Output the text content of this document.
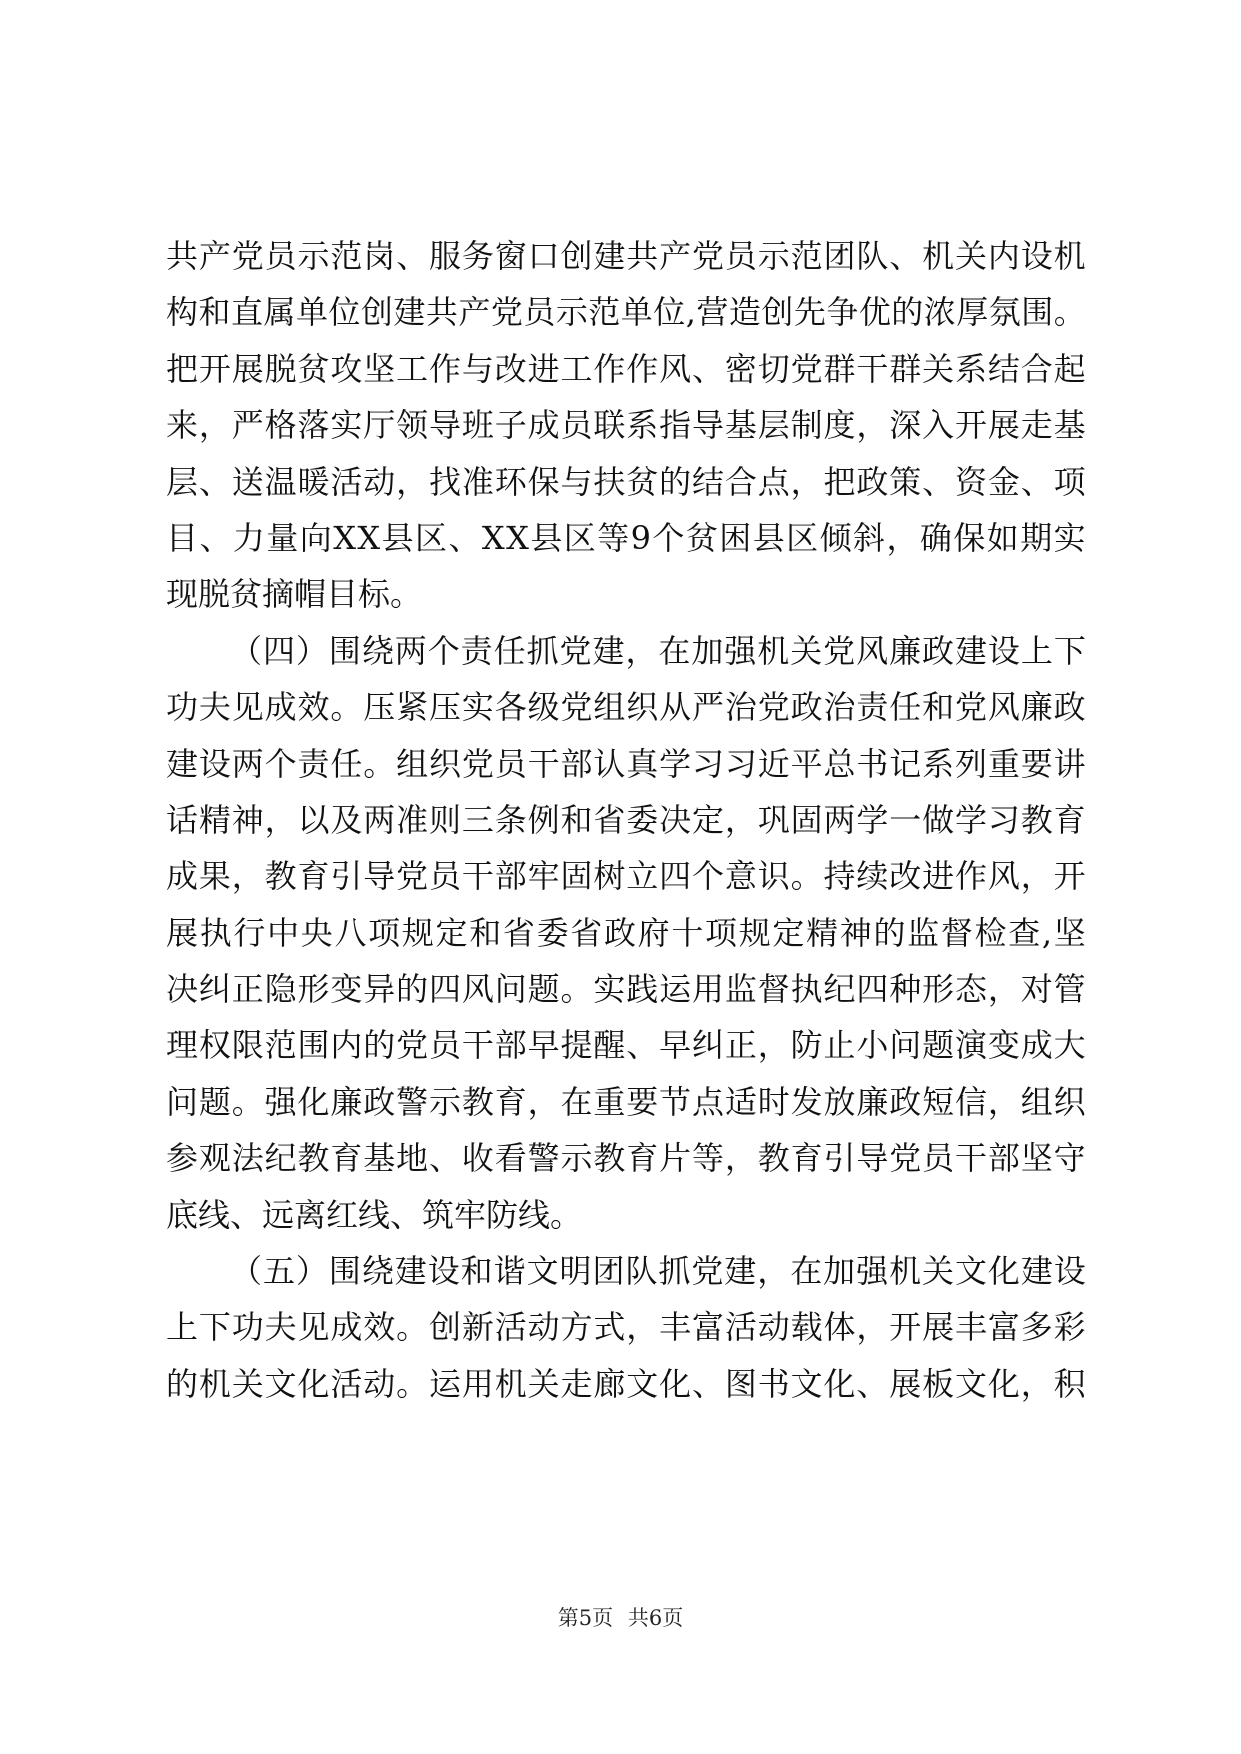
共 产 党 员 示 范 岗 、 服 务 窗 口 创 建 共 产 党 员 示 范 团 队 、 机 关 内 设 机
构 和 直 属 单 位 创 建 共 产 党 员 示 范 单 位 , 营 造 创 先 争 优 的 浓 厚 氛 围 。
把 开 展 脱 贫 攻 坚 工 作 与 改 进 工 作 作 风 、 密 切 党 群 干 群 关 系 结 合 起
来 ， 严 格 落 实 厅 领 导 班 子 成 员 联 系 指 导 基 层 制 度 ， 深 入 开 展 走 基
层 、 送 温 暖 活 动 ， 找 准 环 保 与 扶 贫 的 结 合 点 ， 把 政 策 、 资 金 、 项
目 、 力 量 向 X X 县 区 、 X X 县 区 等 9 个 贫 困 县 区 倾 斜 ， 确 保 如 期 实
现脱贫摘帽目标。
（ 四 ） 围 绕 两 个 责 任 抓 党 建 ， 在 加 强 机 关 党 风 廉 政 建 设 上 下
功 夫 见 成 效 。 压 紧 压 实 各 级 党 组 织 从 严 治 党 政 治 责 任 和 党 风 廉 政
建 设 两 个 责 任 。 组 织 党 员 干 部 认 真 学 习 习 近 平 总 书 记 系 列 重 要 讲
话 精 神 ， 以 及 两 准 则 三 条 例 和 省 委 决 定 ， 巩 固 两 学 一 做 学 习 教 育
成 果 ， 教 育 引 导 党 员 干 部 牢 固 树 立 四 个 意 识 。 持 续 改 进 作 风 ， 开
展 执 行 中 央 八 项 规 定 和 省 委 省 政 府 十 项 规 定 精 神 的 监 督 检 查 , 坚
决 纠 正 隐 形 变 异 的 四 风 问 题 。 实 践 运 用 监 督 执 纪 四 种 形 态 ， 对 管
理 权 限 范 围 内 的 党 员 干 部 早 提 醒 、 早 纠 正 ， 防 止 小 问 题 演 变 成 大
问 题 。 强 化 廉 政 警 示 教 育 ， 在 重 要 节 点 适 时 发 放 廉 政 短 信 ， 组 织
参 观 法 纪 教 育 基 地 、 收 看 警 示 教 育 片 等 ， 教 育 引 导 党 员 干 部 坚 守
底线、远离红线、筑牢防线。
（ 五 ） 围 绕 建 设 和 谐 文 明 团 队 抓 党 建 ， 在 加 强 机 关 文 化 建 设
上 下 功 夫 见 成 效 。 创 新 活 动 方 式 ， 丰 富 活 动 载 体 ， 开 展 丰 富 多 彩
的 机 关 文 化 活 动 。 运 用 机 关 走 廊 文 化 、 图 书 文 化 、 展 板 文 化 ， 积
第5页 共6页
